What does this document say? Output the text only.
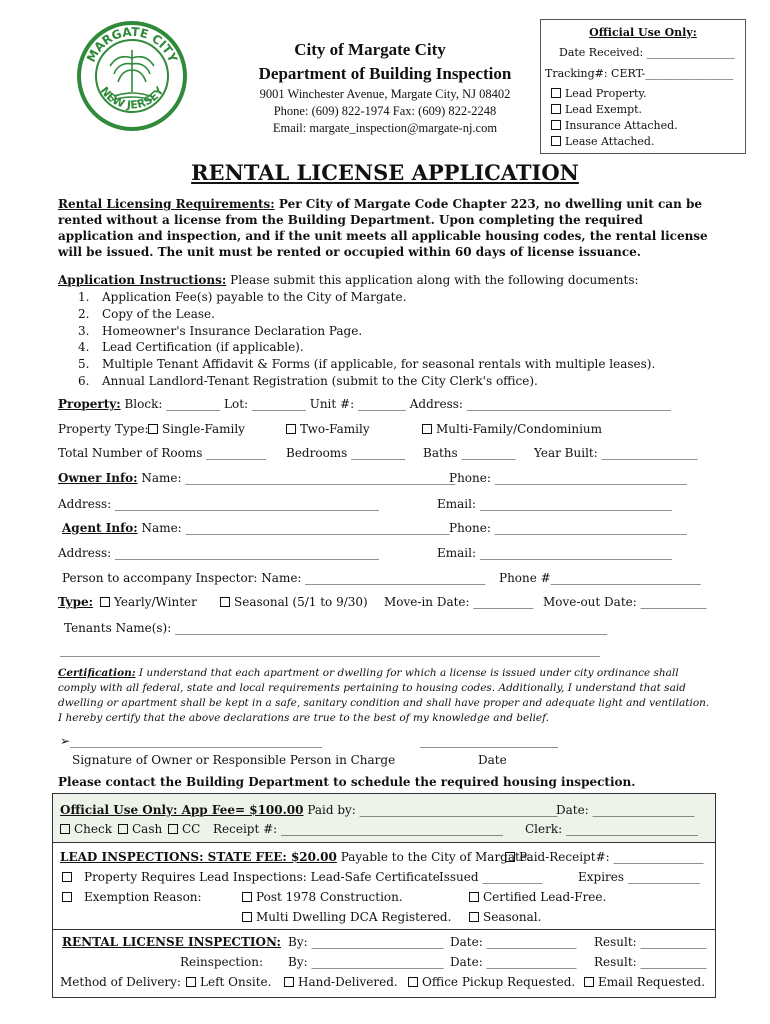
MARGATE CITY
NEW JERSEY
City of Margate City
Department of Building Inspection
9001 Winchester Avenue, Margate City, NJ 08402
Phone: (609) 822-1974 Fax: (609) 822-2248
Email: margate_inspection@margate-nj.com
Official Use Only:
Date Received: ________________
Tracking#: CERT-________________
Lead Property.
Lead Exempt.
Insurance Attached.
Lease Attached.
RENTAL LICENSE APPLICATION
Rental Licensing Requirements: Per City of Margate Code Chapter 223, no dwelling unit can be rented without a license from the Building Department. Upon completing the required application and inspection, and if the unit meets all applicable housing codes, the rental license will be issued. The unit must be rented or occupied within 60 days of license issuance.
Application Instructions: Please submit this application along with the following documents:
1. Application Fee(s) payable to the City of Margate.
2. Copy of the Lease.
3. Homeowner's Insurance Declaration Page.
4. Lead Certification (if applicable).
5. Multiple Tenant Affidavit & Forms (if applicable, for seasonal rentals with multiple leases).
6. Annual Landlord-Tenant Registration (submit to the City Clerk's office).
Property: Block: _________ Lot: _________ Unit #: ________ Address: __________________________________
Property Type:	Single-Family	Two-Family	Multi-Family/Condominium
Total Number of Rooms __________ Bedrooms _________ Baths _________ Year Built: ________________
Owner Info: Name: _____________________________________________
Phone: ________________________________
Address: ____________________________________________	Email: ________________________________
Agent Info: Name: ____________________________________________ Phone: ________________________________
Address: ____________________________________________	Email: ________________________________
Person to accompany Inspector: Name: ______________________________ Phone #_________________________
Type:	Yearly/Winter	Seasonal (5/1 to 9/30) Move-in Date: __________ Move-out Date: ___________
Tenants Name(s): ________________________________________________________________________
__________________________________________________________________________________________
Certification: I understand that each apartment or dwelling for which a license is issued under city ordinance shall comply with all federal, state and local requirements pertaining to housing codes. Additionally, I understand that said dwelling or apartment shall be kept in a safe, sanitary condition and shall have proper and adequate light and ventilation. I hereby certify that the above declarations are true to the best of my knowledge and belief.
➢__________________________________________	_______________________
Signature of Owner or Responsible Person in Charge	Date
Please contact the Building Department to schedule the required housing inspection.
Official Use Only: App Fee= $100.00 Paid by: _________________________________
Date: _________________
Check	Cash	CC Receipt #: _____________________________________ Clerk: ______________________
LEAD INSPECTIONS: STATE FEE: $20.00 Payable to the City of Margate.
Paid-Receipt#: _______________
Property Requires Lead Inspections: Lead-Safe Certificate Issued __________	Expires ____________
Exemption Reason:	Post 1978 Construction.	Certified Lead-Free.
Multi Dwelling DCA Registered.	Seasonal.
RENTAL LICENSE INSPECTION: By: ______________________ Date: _______________ Result: ___________
Reinspection: By: ______________________ Date: _______________ Result: ___________
Method of Delivery:	Left Onsite.	Hand-Delivered.	Office Pickup Requested.	Email Requested.
